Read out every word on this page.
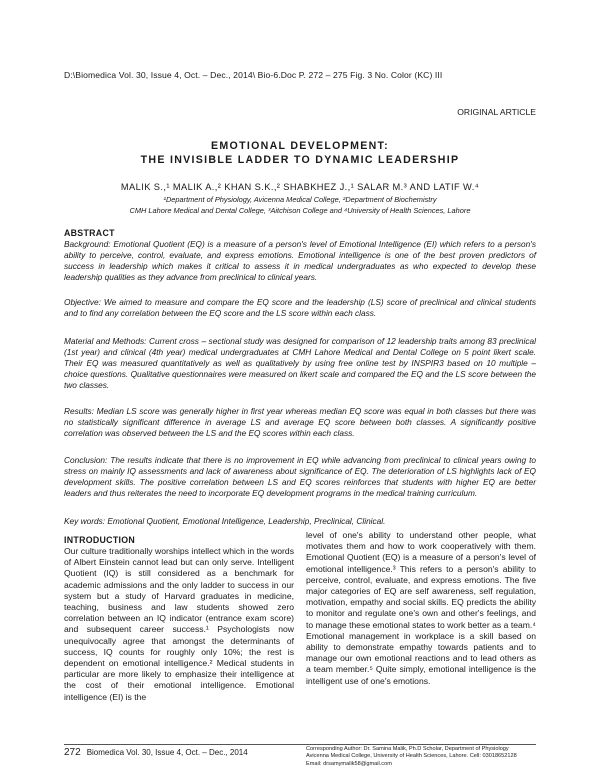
D:\Biomedica Vol. 30, Issue 4, Oct. – Dec., 2014\ Bio-6.Doc P. 272 – 275 Fig. 3 No. Color (KC) III
ORIGINAL ARTICLE
EMOTIONAL DEVELOPMENT:
THE INVISIBLE LADDER TO DYNAMIC LEADERSHIP
MALIK S.,¹ MALIK A.,² KHAN S.K.,² SHABKHEZ J.,¹ SALAR M.³ AND LATIF W.⁴
¹Department of Physiology, Avicenna Medical College, ²Department of Biochemistry
CMH Lahore Medical and Dental College, ³Aitchison College and ⁴University of Health Sciences, Lahore
ABSTRACT

Background: Emotional Quotient (EQ) is a measure of a person's level of Emotional Intelligence (EI) which refers to a person's ability to perceive, control, evaluate, and express emotions. Emotional intelligence is one of the best proven predictors of success in leadership which makes it critical to assess it in medical undergraduates as who expected to develop these leadership qualities as they advance from preclinical to clinical years.

Objective: We aimed to measure and compare the EQ score and the leadership (LS) score of preclinical and clinical students and to find any correlation between the EQ score and the LS score within each class.

Material and Methods: Current cross – sectional study was designed for comparison of 12 leadership traits among 83 preclinical (1st year) and clinical (4th year) medical undergraduates at CMH Lahore Medical and Dental College on 5 point likert scale. Their EQ was measured quantitatively as well as qualitatively by using free online test by INSPIR3 based on 10 multiple – choice questions. Qualitative questionnaires were measured on likert scale and compared the EQ and the LS score between the two classes.

Results: Median LS score was generally higher in first year whereas median EQ score was equal in both classes but there was no statistically significant difference in average LS and average EQ score between both classes. A significantly positive correlation was observed between the LS and the EQ scores within each class.

Conclusion: The results indicate that there is no improvement in EQ while advancing from preclinical to clinical years owing to stress on mainly IQ assessments and lack of awareness about significance of EQ. The deterioration of LS highlights lack of EQ development skills. The positive correlation between LS and EQ scores reinforces that students with higher EQ are better leaders and thus reiterates the need to incorporate EQ development programs in the medical training curriculum.

Key words: Emotional Quotient, Emotional Intelligence, Leadership, Preclinical, Clinical.
INTRODUCTION

Our culture traditionally worships intellect which in the words of Albert Einstein cannot lead but can only serve. Intelligent Quotient (IQ) is still considered as a benchmark for academic admissions and the only ladder to success in our system but a study of Harvard graduates in medicine, teaching, business and law students showed zero correlation between an IQ indicator (entrance exam score) and subsequent career success.¹ Psychologists now unequivocally agree that amongst the determinants of success, IQ counts for roughly only 10%; the rest is dependent on emotional intelligence.² Medical students in particular are more likely to emphasize their intelligence at the cost of their emotional intelligence. Emotional intelligence (EI) is the

level of one's ability to understand other people, what motivates them and how to work cooperatively with them. Emotional Quotient (EQ) is a measure of a person's level of emotional intelligence.³ This refers to a person's ability to perceive, control, evaluate, and express emotions. The five major categories of EQ are self awareness, self regulation, motivation, empathy and social skills. EQ predicts the ability to monitor and regulate one's own and other's feelings, and to manage these emotional states to work better as a team.⁴ Emotional management in workplace is a skill based on ability to demonstrate empathy towards patients and to manage our own emotional reactions and to lead others as a team member.⁵ Quite simply, emotional intelligence is the intelligent use of one's emotions.

272 Biomedica Vol. 30, Issue 4, Oct. – Dec., 2014	Corresponding Author: Dr. Samina Malik, Ph.D Scholar, Department of Physiology
Avicenna Medical College, University of Health Sciences, Lahore. Cell: 03018652128
Email: drsamymalik58@gmail.com
